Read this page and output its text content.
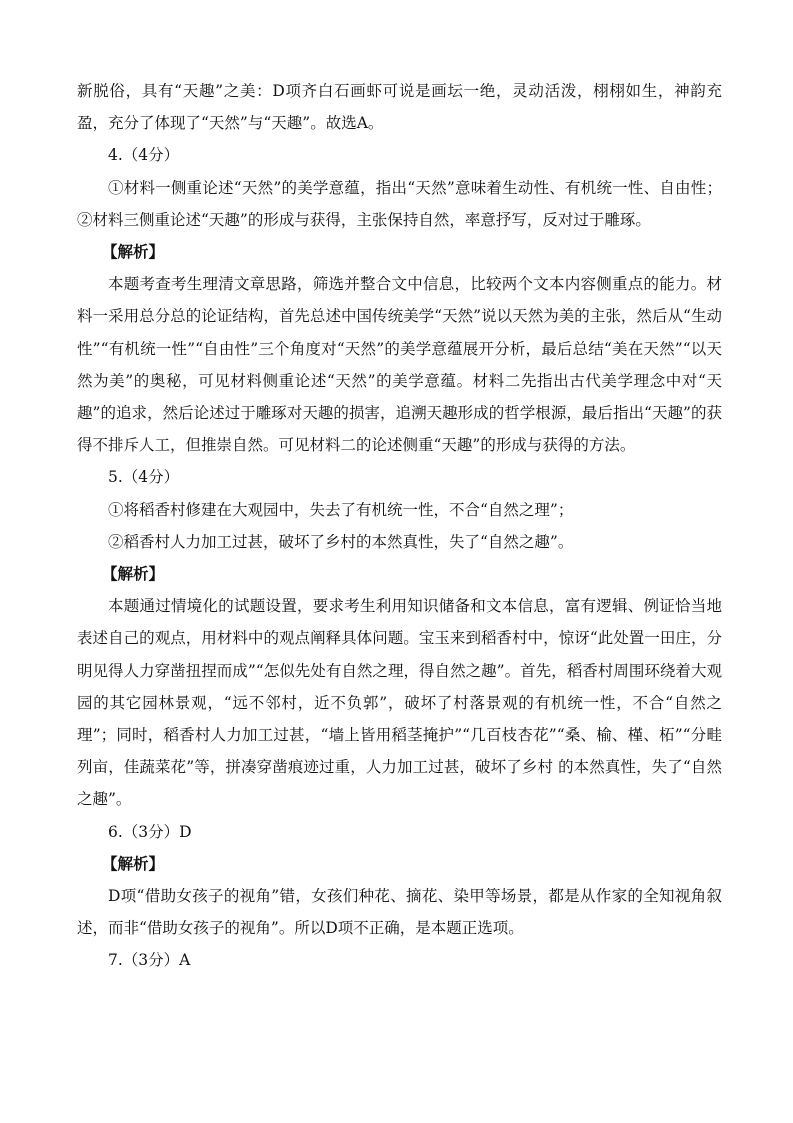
新脱俗，具有“天趣”之美：D项齐白石画虾可说是画坛一绝，灵动活泼，栩栩如生，神韵充盈，充分了体现了“天然”与“天趣”。故选A。

4.（4分）

①材料一侧重论述“天然”的美学意蕴，指出“天然”意味着生动性、有机统一性、自由性；②材料三侧重论述“天趣”的形成与获得，主张保持自然，率意抒写，反对过于雕琢。

【解析】

本题考查考生理清文章思路，筛选并整合文中信息，比较两个文本内容侧重点的能力。材料一采用总分总的论证结构，首先总述中国传统美学“天然”说以天然为美的主张，然后从“生动性”“有机统一性”“自由性”三个角度对“天然”的美学意蕴展开分析，最后总结“美在天然”“以天然为美”的奥秘，可见材料侧重论述“天然”的美学意蕴。材料二先指出古代美学理念中对“天趣”的追求，然后论述过于雕琢对天趣的损害，追溯天趣形成的哲学根源，最后指出“天趣”的获得不排斥人工，但推崇自然。可见材料二的论述侧重“天趣”的形成与获得的方法。

5.（4分）

①将稻香村修建在大观园中，失去了有机统一性，不合“自然之理”；

②稻香村人力加工过甚，破坏了乡村的本然真性，失了“自然之趣”。

【解析】

本题通过情境化的试题设置，要求考生利用知识储备和文本信息，富有逻辑、例证恰当地表述自己的观点，用材料中的观点阐释具体问题。宝玉来到稻香村中，惊讶“此处置一田庄，分明见得人力穿凿扭捏而成”“怎似先处有自然之理，得自然之趣”。首先，稻香村周围环绕着大观园的其它园林景观，“远不邻村，近不负郭”，破坏了村落景观的有机统一性，不合“自然之理”；同时，稻香村人力加工过甚，“墙上皆用稻茎掩护”“几百枝杏花”“桑、榆、槿、柘”“分畦列亩，佳蔬菜花”等，拼凑穿凿痕迹过重，人力加工过甚，破坏了乡村 的本然真性，失了“自然之趣”。

6.（3分）D

【解析】

D项“借助女孩子的视角”错，女孩们种花、摘花、染甲等场景，都是从作家的全知视角叙述，而非“借助女孩子的视角”。所以D项不正确，是本题正选项。

7.（3分）A
